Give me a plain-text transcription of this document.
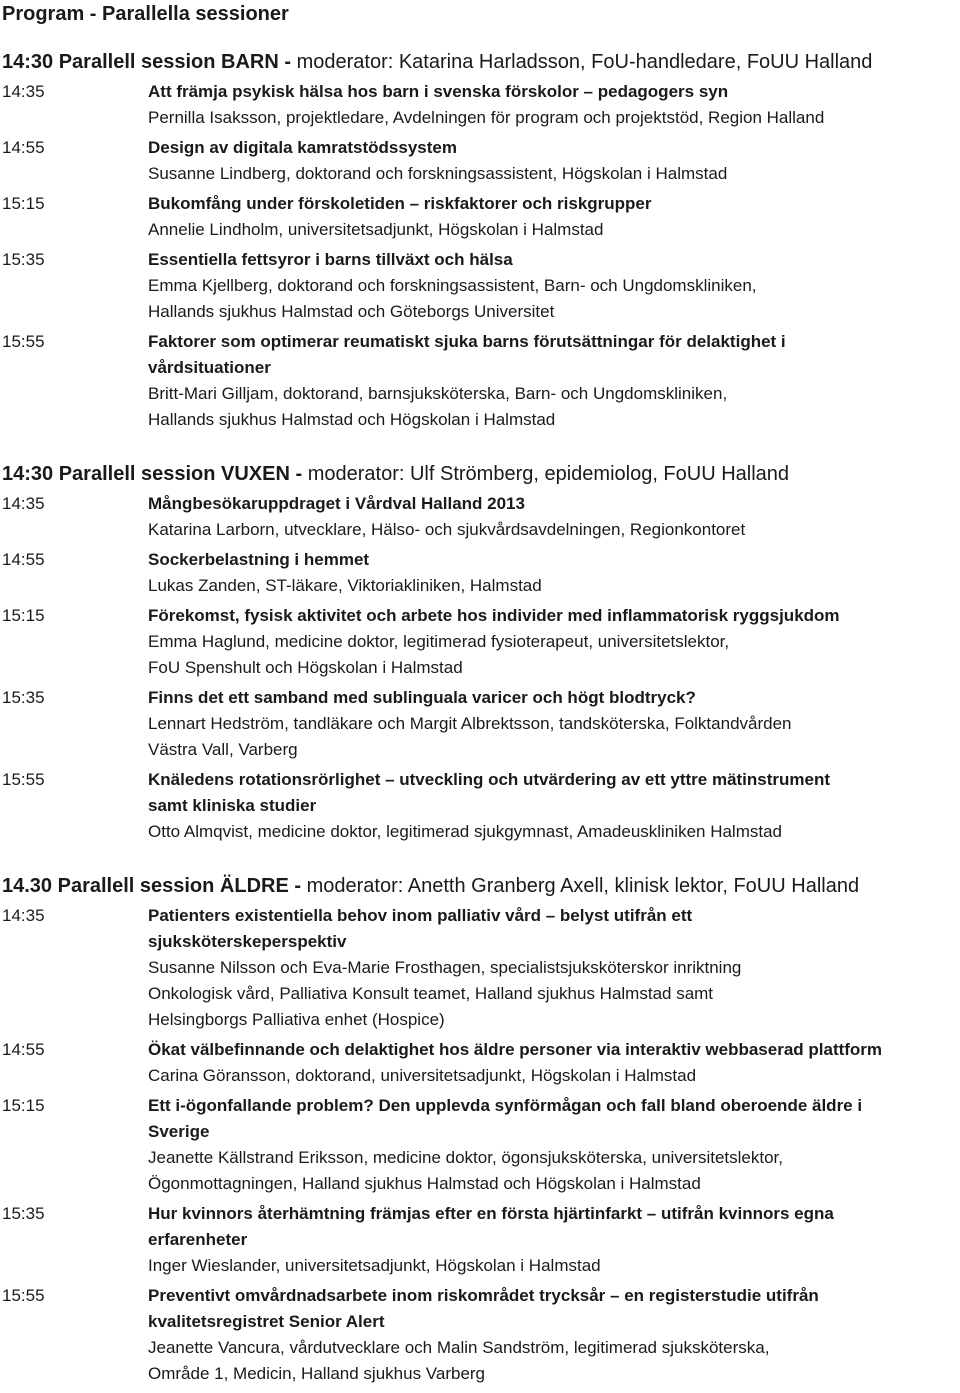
Program - Parallella sessioner
14:30 Parallell session BARN - moderator: Katarina Harladsson, FoU-handledare, FoUU Halland
14:35	Att främja psykisk hälsa hos barn i svenska förskolor – pedagogers syn
Pernilla Isaksson, projektledare, Avdelningen för program och projektstöd, Region Halland
14:55	Design av digitala kamratstödssystem
Susanne Lindberg, doktorand och forskningsassistent, Högskolan i Halmstad
15:15	Bukomfång under förskoletiden – riskfaktorer och riskgrupper
Annelie Lindholm, universitetsadjunkt, Högskolan i Halmstad
15:35	Essentiella fettsyror i barns tillväxt och hälsa
Emma Kjellberg, doktorand och forskningsassistent, Barn- och Ungdomskliniken,
Hallands sjukhus Halmstad och Göteborgs Universitet
15:55	Faktorer som optimerar reumatiskt sjuka barns förutsättningar för delaktighet i
vårdsituationer
Britt-Mari Gilljam, doktorand, barnsjuksköterska, Barn- och Ungdomskliniken,
Hallands sjukhus Halmstad och Högskolan i Halmstad
14:30 Parallell session VUXEN - moderator: Ulf Strömberg, epidemiolog, FoUU Halland
14:35	Mångbesökaruppdraget i Vårdval Halland 2013
Katarina Larborn, utvecklare, Hälso- och sjukvårdsavdelningen, Regionkontoret
14:55	Sockerbelastning i hemmet
Lukas Zanden, ST-läkare, Viktoriakliniken, Halmstad
15:15	Förekomst, fysisk aktivitet och arbete hos individer med inflammatorisk ryggsjukdom
Emma Haglund, medicine doktor, legitimerad fysioterapeut, universitetslektor,
FoU Spenshult och Högskolan i Halmstad
15:35	Finns det ett samband med sublinguala varicer och högt blodtryck?
Lennart Hedström, tandläkare och Margit Albrektsson, tandsköterska, Folktandvården
Västra Vall, Varberg
15:55	Knäledens rotationsrörlighet – utveckling och utvärdering av ett yttre mätinstrument
samt kliniska studier
Otto Almqvist, medicine doktor, legitimerad sjukgymnast, Amadeuskliniken Halmstad
14.30 Parallell session ÄLDRE - moderator: Anetth Granberg Axell, klinisk lektor, FoUU Halland
14:35	Patienters existentiella behov inom palliativ vård – belyst utifrån ett
sjuksköterskeperspektiv
Susanne Nilsson och Eva-Marie Frosthagen, specialistsjuksköterskor inriktning
Onkologisk vård, Palliativa Konsult teamet, Halland sjukhus Halmstad samt
Helsingborgs Palliativa enhet (Hospice)
14:55	Ökat välbefinnande och delaktighet hos äldre personer via interaktiv webbaserad plattform
Carina Göransson, doktorand, universitetsadjunkt, Högskolan i Halmstad
15:15	Ett i-ögonfallande problem? Den upplevda synförmågan och fall bland oberoende äldre i
Sverige
Jeanette Källstrand Eriksson, medicine doktor, ögonsjuksköterska, universitetslektor,
Ögonmottagningen, Halland sjukhus Halmstad och Högskolan i Halmstad
15:35	Hur kvinnors återhämtning främjas efter en första hjärtinfarkt – utifrån kvinnors egna
erfarenheter
Inger Wieslander, universitetsadjunkt, Högskolan i Halmstad
15:55	Preventivt omvårdnadsarbete inom riskområdet trycksår – en registerstudie utifrån
kvalitetsregistret Senior Alert
Jeanette Vancura, vårdutvecklare och Malin Sandström, legitimerad sjuksköterska,
Område 1, Medicin, Halland sjukhus Varberg
